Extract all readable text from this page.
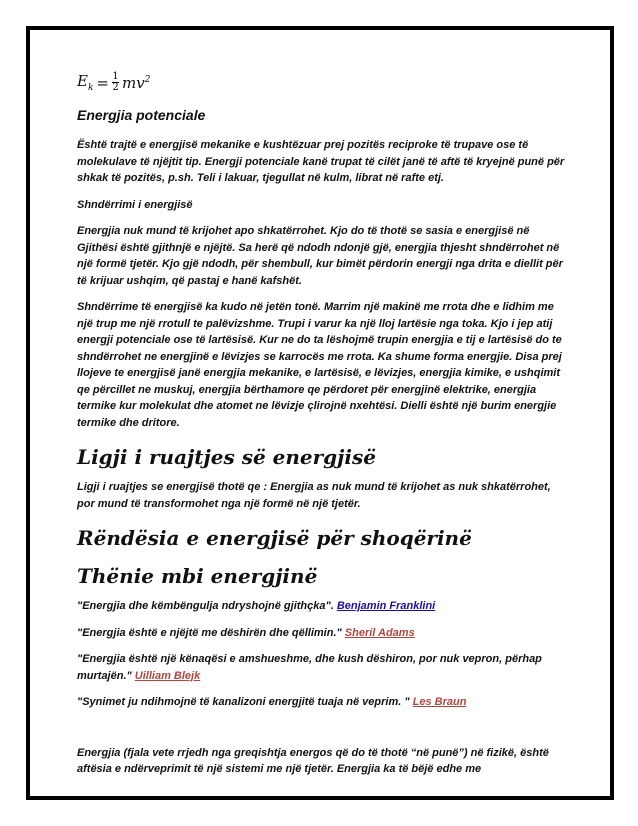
$E_k = \frac{1}{2} mv^2$
Energjia potenciale

Është trajtë e energjisë mekanike e kushtëzuar prej pozitës reciproke të trupave ose të molekulave të njëjtit tip. Energji potenciale kanë trupat të cilët janë të aftë të kryejnë punë për shkak të pozitës, p.sh. Teli i lakuar, tjegullat në kulm, librat në rafte etj.

Shndërrimi i energjisë

Energjia nuk mund të krijohet apo shkatërrohet. Kjo do të thotë se sasia e energjisë në Gjithësi është gjithnjë e njëjtë. Sa herë që ndodh ndonjë gjë, energjia thjesht shndërrohet në një formë tjetër. Kjo gjë ndodh, për shembull, kur bimët përdorin energji nga drita e diellit për të krijuar ushqim, që pastaj e hanë kafshët.

Shndërrime të energjisë ka kudo në jetën tonë. Marrim një makinë me rrota dhe e lidhim me një trup me një rrotull te palëvizshme. Trupi i varur ka një lloj lartësie nga toka. Kjo i jep atij energji potenciale ose të lartësisë. Kur ne do ta lëshojmë trupin energjia e tij e lartësisë do te shndërrohet ne energjinë e lëvizjes se karrocës me rrota. Ka shume forma energjie. Disa prej llojeve te energjisë janë energjia mekanike, e lartësisë, e lëvizjes, energjia kimike, e ushqimit qe përcillet ne muskuj, energjia bërthamore qe përdoret për energjinë elektrike, energjia termike kur molekulat dhe atomet ne lëvizje çlirojnë nxehtësi. Dielli është një burim energjie termike dhe dritore.

Ligji i ruajtjes së energjisë

Ligji i ruajtjes se energjisë thotë qe : Energjia as nuk mund të krijohet as nuk shkatërrohet, por mund të transformohet nga një formë në një tjetër.

Rëndësia e energjisë për shoqërinë
Thënie mbi energjinë

"Energjia dhe këmbëngulja ndryshojnë gjithçka". Benjamin Franklini

"Energjia është e njëjtë me dëshirën dhe qëllimin." Sheril Adams

"Energjia është një kënaqësi e amshueshme, dhe kush dëshiron, por nuk vepron, përhap murtajën." Uilliam Blejk

"Synimet ju ndihmojnë të kanalizoni energjitë tuaja në veprim. " Les Braun

Energjia (fjala vete rrjedh nga greqishtja energos që do të thotë “në punë”) në fizikë, është aftësia e ndërveprimit të një sistemi me një tjetër. Energjia ka të bëjë edhe me
